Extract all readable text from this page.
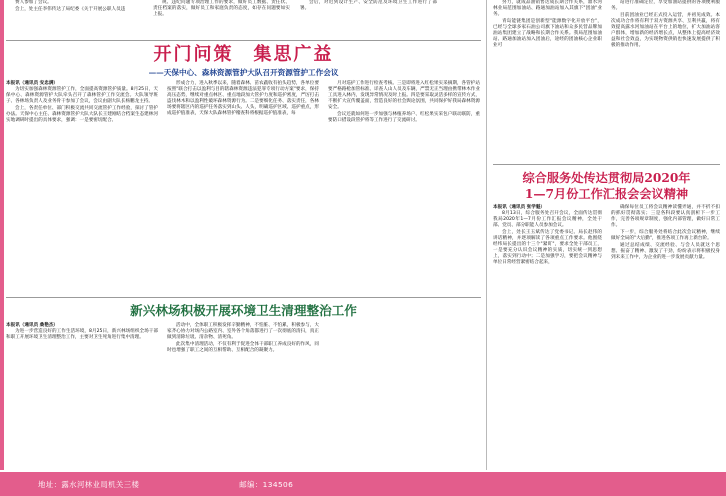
费人参加了会议。

会上，处主任李伟传达了局纪委《关于开展公职人员违

规、违纪问题专项治理工作的要求，做好员工数据、责任状、责任档案的落实，做好员工和家庭负责的态度，如存在问题要如实上报。

会后，对迟到设计生产、安全防范及环境卫生工作进行了部署。

努力，就成品油销售达成长期合作关系，鼎水河林业局范围加油站、路通加油站加入其旗下"团油"业务。

青岛能链集团是创新型"能源数字化开放平台"，已经与全球多家石油公司旗下油站和众多民营品牌加油站集团建立了战略和长期合作关系。我局范围加油站、路通加油站加入团油后，途经的团油核心企业职业可

站进行准确定位，享受加油站提供的各项便利服务。

目前团油业已经正式投入运营，并初见成效。本次成功合作将有利于双方资源共享、互利共赢，将有效提高露水河加油站在平台上的地位，扩大加油站客户群体，增加新的经济增长点，从整体上提高经济效益和社会效益，为实现物资供销也快速发展提供了积极的推动作用。

开门问策　集思广益
——天保中心、森林资源管护大队召开资源管护工作会议
本报讯（通讯员 安忠满）

为切实加强森林资源管护工作，全面提高资源管护质量。8月25日，天保中心、森林资源管护大队牵头召开了森林管护工作交流会。大队领导班子、各林场负责人及业务骨干参加了会议，会议由副大队长杨鹏龙主持。

会上，各责任单位、部门积极交流共同交流管护工作经验，探讨了管护办法。天保中心主任、森林资源管护大队大队长王建刚结合档案生态建林河实地调研时提出的具体要求，强调：一是要密切配合、

形成合力，进入秋季以来，随着森林、苗农蔬收有拍头趋势，各单位要按照"联合打击以盈利与目的辖森林资源违法犯罪专项行动方案"要求，保持高压态势，继续对重点林区、重点地段加大管护力度和巡护密度，严厉打击盗伐林木和以盈利性破坏森林资源行为。二是要细化任务、落实责任，各林场要将辖区内的巡护任务落实到山头、人头，明确巡护区域、巡护重点，形成巡护值准表，天保大队森林管护稽查科将根据巡护值准表，每

月对巡护工作进行检查考核。三是即将进入红松果实采摘期，各管护站要严格路枪加管标准、详查人山人员及车辆，严禁无正当理由携带林木作业工具进入林内，发现异常情况及时上报。四是要采取灵活多样的宣传方式，不断扩大宣传覆盖面，营造良好的社会舆论氛围，共同保护好我局森林资源安全。

会议还就如何进一步加强与林植养场户、红松果实采包户联动联防，重要防口措设段管护将等工作进行了交流研讨。

综合服务处传达贯彻局2020年
1—7月份工作汇报会会议精神
本报讯（通讯员 张学魁）

8月13日，综合服务处召开会议，全面传达贯彻我局2020年1—7月份工作汇报会议精神，全处干部、党员、部分职能人员参加会议。

会上，处长王玉斌传达了党委书记、局长赵伟的讲话精神，并逐项解读了各项重点工作要求。他围绕经纬局长提出的十三个"紧盯"，要求全处干部员工，一是要充分认识会议精神的实质，切实统一到思想上，落实到行动中；二是加强学习，要把会议精神与单位日常经营紧密结合起来，

确保每位员工将会议精神读懂弄通，并不折不扣的抓好贯彻落实；三是各科段要认真剖析下一步工作，完善各项规章制度，强化内部管理，做好日常工作。

下一步，综合服务处将结合此次会议精神，继续做好全局的"大后勤"，推进各项工作再上新台阶。

通过总结成绩、交流经验、与会人员就这个思想、振奋了精神、激发了干劲，纷纷表示将积极投身到未来工作中，为企业的进一步发展贡献力量。

新兴林场积极开展环境卫生清理整治工作
本报讯（通讯员 桑艳杰）

为进一步营造良好的工作生活环境，8月25日，新兴林场组织全场干部和职工开展环境卫生清理整治工作，主要对卫生死角进行集中清理。

活动中，全体职工积极发挥辛勤精神，不怕脏、不怕累，积极参与，大家齐心协力对场内公路室内、室外各个角落都进行了一次彻底的清扫，真正做到清除垃圾、清杂物、清死角。

此次集中清理活动，不仅有利于促进全体干部职工养成良好的作风，同时也增强了职工之间的互相帮助、互相配合的凝聚力。

地址：露水河林业局机关三楼	邮编：134506
